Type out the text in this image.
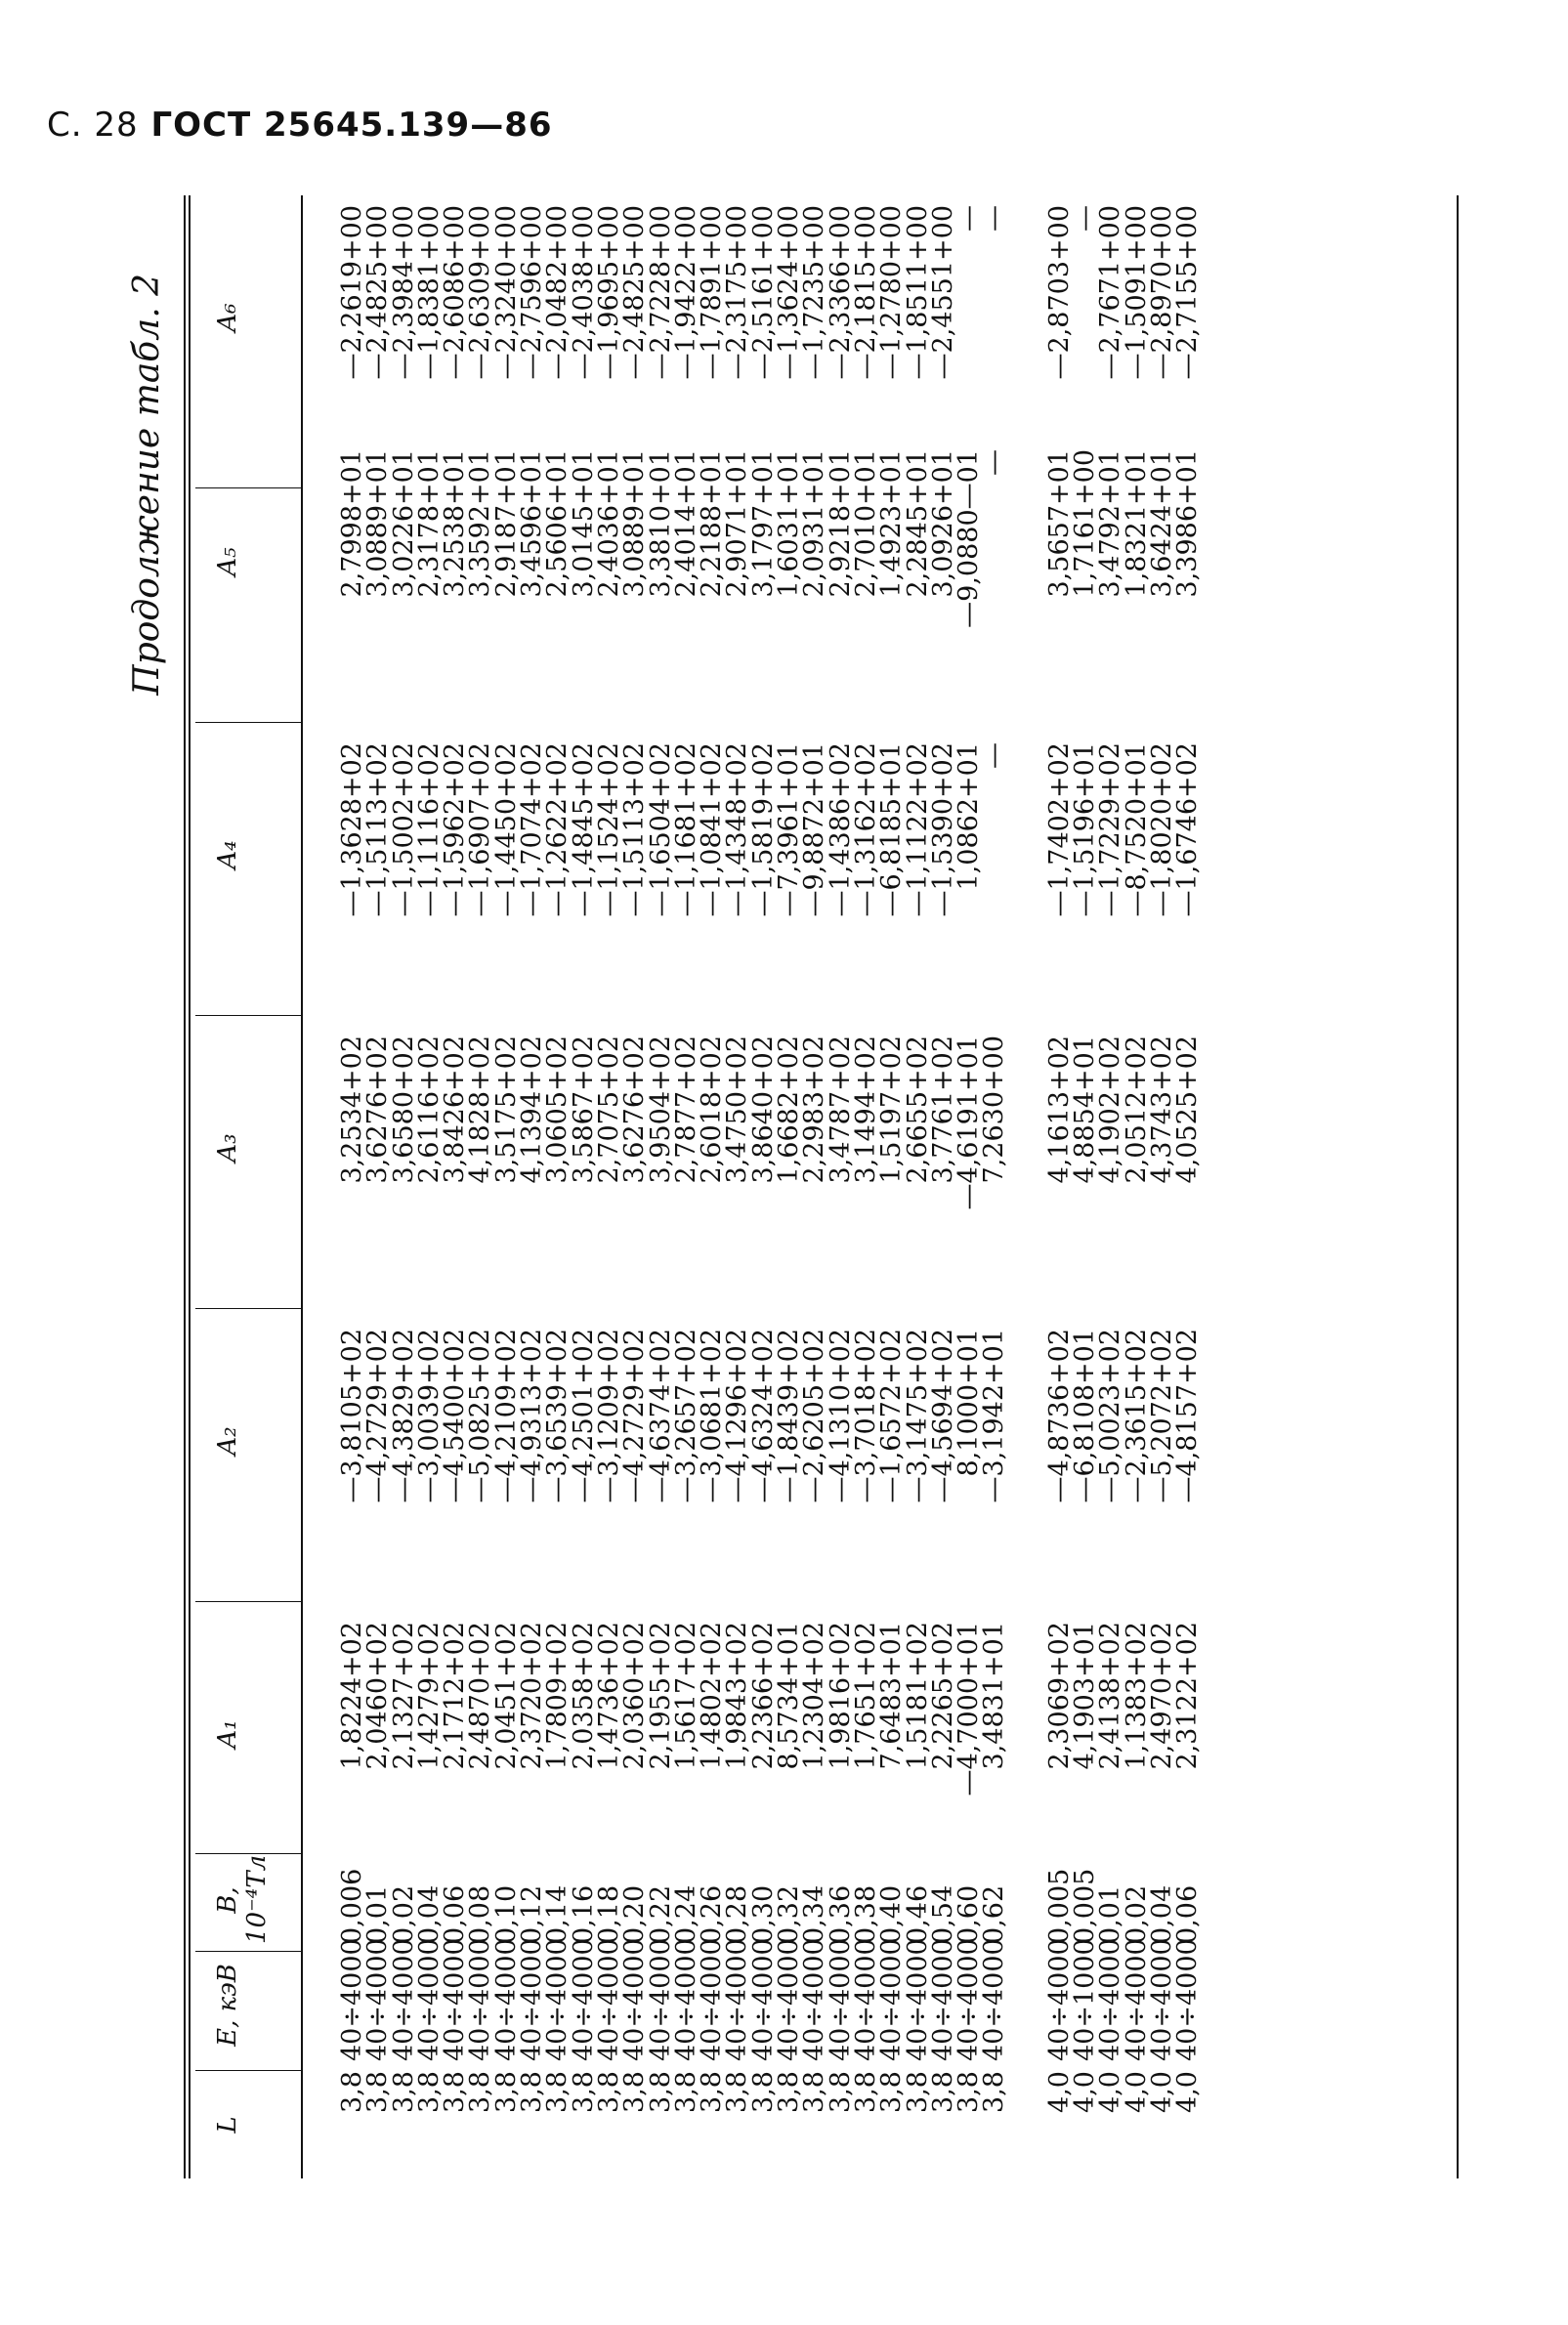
С. 28 ГОСТ 25645.139—86
Продолжение табл. 2
L
E, кэВ
B, 10⁻⁴Тл
A₁
A₂
A₃
A₄
A₅
A₆
3,8
3,8
3,8
3,8
3,8
3,8
3,8
3,8
3,8
3,8
3,8
3,8
3,8
3,8
3,8
3,8
3,8
3,8
3,8
3,8
3,8
3,8
3,8
3,8
3,8
3,8
40÷4000
40÷4000
40÷4000
40÷4000
40÷4000
40÷4000
40÷4000
40÷4000
40÷4000
40÷4000
40÷4000
40÷4000
40÷4000
40÷4000
40÷4000
40÷4000
40÷4000
40÷4000
40÷4000
40÷4000
40÷4000
40÷4000
40÷4000
40÷4000
40÷4000
40÷4000
0,006
0,01
0,02
0,04
0,06
0,08
0,10
0,12
0,14
0,16
0,18
0,20
0,22
0,24
0,26
0,28
0,30
0,32
0,34
0,36
0,38
0,40
0,46
0,54
0,60
0,62
1,8224+02
2,0460+02
2,1327+02
1,4279+02
2,1712+02
2,4870+02
2,0451+02
2,3720+02
1,7809+02
2,0358+02
1,4736+02
2,0360+02
2,1955+02
1,5617+02
1,4802+02
1,9843+02
2,2366+02
8,5734+01
1,2304+02
1,9816+02
1,7651+02
7,6483+01
1,5181+02
2,2265+02
—4,7000+01
3,4831+01
—3,8105+02
—4,2729+02
—4,3829+02
—3,0039+02
—4,5400+02
—5,0825+02
—4,2109+02
—4,9313+02
—3,6539+02
—4,2501+02
—3,1209+02
—4,2729+02
—4,6374+02
—3,2657+02
—3,0681+02
—4,1296+02
—4,6324+02
—1,8439+02
—2,6205+02
—4,1310+02
—3,7018+02
—1,6572+02
—3,1475+02
—4,5694+02
8,1000+01
—3,1942+01
3,2534+02
3,6276+02
3,6580+02
2,6116+02
3,8426+02
4,1828+02
3,5175+02
4,1394+02
3,0605+02
3,5867+02
2,7075+02
3,6276+02
3,9504+02
2,7877+02
2,6018+02
3,4750+02
3,8640+02
1,6682+02
2,2983+02
3,4787+02
3,1494+02
1,5197+02
2,6655+02
3,7761+02
—4,6191+01
7,2630+00
—1,3628+02
—1,5113+02
—1,5002+02
—1,1116+02
—1,5962+02
—1,6907+02
—1,4450+02
—1,7074+02
—1,2622+02
—1,4845+02
—1,1524+02
—1,5113+02
—1,6504+02
—1,1681+02
—1,0841+02
—1,4348+02
—1,5819+02
—7,3961+01
—9,8872+01
—1,4386+02
—1,3162+02
—6,8185+01
—1,1122+02
—1,5390+02
1,0862+01
—
2,7998+01
3,0889+01
3,0226+01
2,3178+01
3,2538+01
3,3592+01
2,9187+01
3,4596+01
2,5606+01
3,0145+01
2,4036+01
3,0889+01
3,3810+01
2,4014+01
2,2188+01
2,9071+01
3,1797+01
1,6031+01
2,0931+01
2,9218+01
2,7010+01
1,4923+01
2,2845+01
3,0926+01
—9,0880—01
—
—2,2619+00
—2,4825+00
—2,3984+00
—1,8381+00
—2,6086+00
—2,6309+00
—2,3240+00
—2,7596+00
—2,0482+00
—2,4038+00
—1,9695+00
—2,4825+00
—2,7228+00
—1,9422+00
—1,7891+00
—2,3175+00
—2,5161+00
—1,3624+00
—1,7235+00
—2,3366+00
—2,1815+00
—1,2780+00
—1,8511+00
—2,4551+00
—
—
4,0
4,0
4,0
4,0
4,0
4,0
40÷4000
40÷1000
40÷4000
40÷4000
40÷4000
40÷4000
0,005
0,005
0,01
0,02
0,04
0,06
2,3069+02
4,1903+01
2,4138+02
1,1383+02
2,4970+02
2,3122+02
—4,8736+02
—6,8108+01
—5,0023+02
—2,3615+02
—5,2072+02
—4,8157+02
4,1613+02
4,8854+01
4,1902+02
2,0512+02
4,3743+02
4,0525+02
—1,7402+02
—1,5196+01
—1,7229+02
—8,7520+01
—1,8020+02
—1,6746+02
3,5657+01
1,7161+00
3,4792+01
1,8321+01
3,6424+01
3,3986+01
—2,8703+00
—
—2,7671+00
—1,5091+00
—2,8970+00
—2,7155+00
